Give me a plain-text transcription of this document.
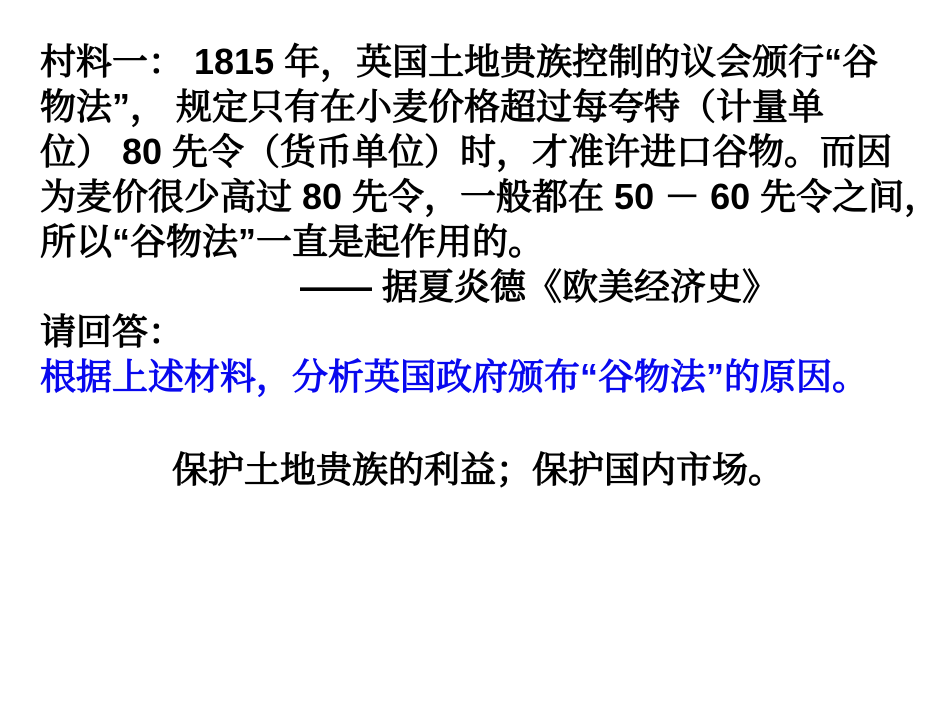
村料一： 1815 年，英国土地贵族控制的议会颁行“谷
物法”， 规定只有在小麦价格超过每夸特（计量单
位） 80 先令（货币单位）时，才准许进口谷物。而因
为麦价很少高过 80 先令，一般都在 50 － 60 先令之间，
所以“谷物法”一直是起作用的。
—— 据夏炎德《欧美经济史》
请回答：
根据上述材料，分析英国政府颁布“谷物法”的原因。
保护土地贵族的利益；保护国内市场。
